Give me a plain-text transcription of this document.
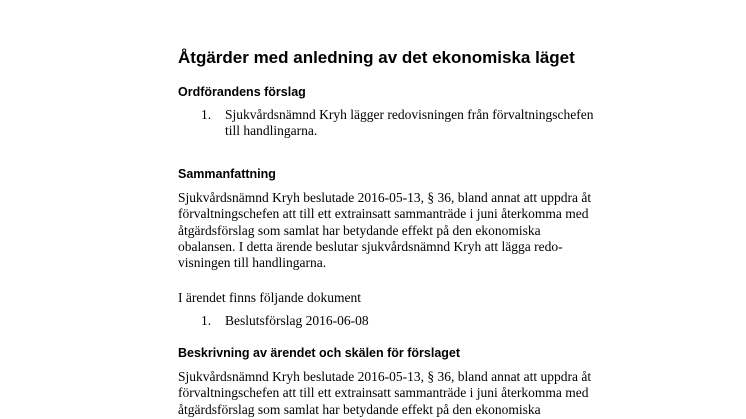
Åtgärder med anledning av det ekonomiska läget
Ordförandens förslag
1. Sjukvårdsnämnd Kryh lägger redovisningen från förvaltningschefen
till handlingarna.
Sammanfattning
Sjukvårdsnämnd Kryh beslutade 2016-05-13, § 36, bland annat att uppdra åt
förvaltningschefen att till ett extrainsatt sammanträde i juni återkomma med
åtgärdsförslag som samlat har betydande effekt på den ekonomiska
obalansen. I detta ärende beslutar sjukvårdsnämnd Kryh att lägga redo-
visningen till handlingarna.
I ärendet finns följande dokument
1. Beslutsförslag 2016-06-08
Beskrivning av ärendet och skälen för förslaget
Sjukvårdsnämnd Kryh beslutade 2016-05-13, § 36, bland annat att uppdra åt
förvaltningschefen att till ett extrainsatt sammanträde i juni återkomma med
åtgärdsförslag som samlat har betydande effekt på den ekonomiska
